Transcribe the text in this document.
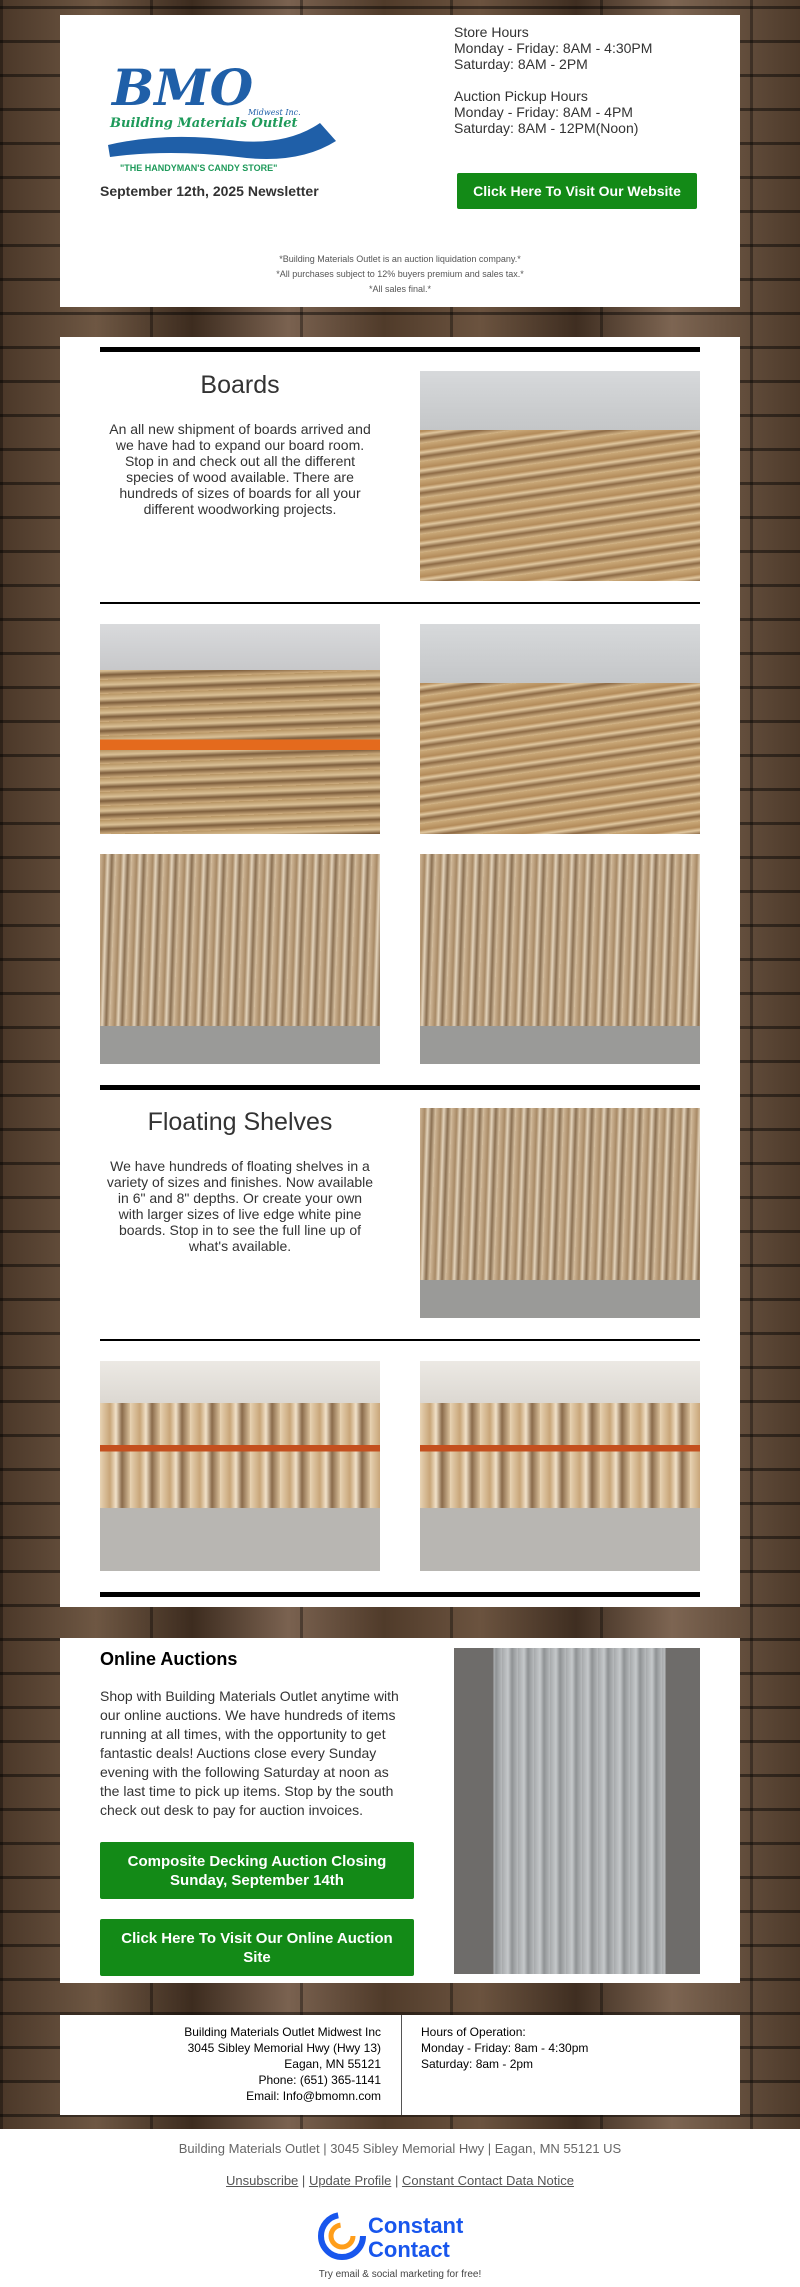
BMO
Building Materials Outlet
Midwest Inc.
"THE HANDYMAN'S CANDY STORE"
Store Hours
Monday - Friday: 8AM - 4:30PM
Saturday: 8AM - 2PM
Auction Pickup Hours
Monday - Friday: 8AM - 4PM
Saturday: 8AM - 12PM(Noon)
September 12th, 2025 Newsletter	Click Here To Visit Our Website
*Building Materials Outlet is an auction liquidation company.*
*All purchases subject to 12% buyers premium and sales tax.*
*All sales final.*
Boards
An all new shipment of boards arrived and we have had to expand our board room. Stop in and check out all the different species of wood available. There are hundreds of sizes of boards for all your different woodworking projects.
Floating Shelves
We have hundreds of floating shelves in a variety of sizes and finishes. Now available in 6" and 8" depths. Or create your own with larger sizes of live edge white pine boards. Stop in to see the full line up of what's available.
Online Auctions
Shop with Building Materials Outlet anytime with our online auctions. We have hundreds of items running at all times, with the opportunity to get fantastic deals! Auctions close every Sunday evening with the following Saturday at noon as the last time to pick up items. Stop by the south check out desk to pay for auction invoices.
Composite Decking Auction Closing Sunday, September 14th
Click Here To Visit Our Online Auction Site
Building Materials Outlet Midwest Inc
3045 Sibley Memorial Hwy (Hwy 13)
Eagan, MN 55121
Phone: (651) 365-1141
Email: Info@bmomn.com
Hours of Operation:
Monday - Friday: 8am - 4:30pm
Saturday: 8am - 2pm
Building Materials Outlet | 3045 Sibley Memorial Hwy | Eagan, MN 55121 US
Unsubscribe | Update Profile | Constant Contact Data Notice
Constant
Contact
Try email & social marketing for free!
